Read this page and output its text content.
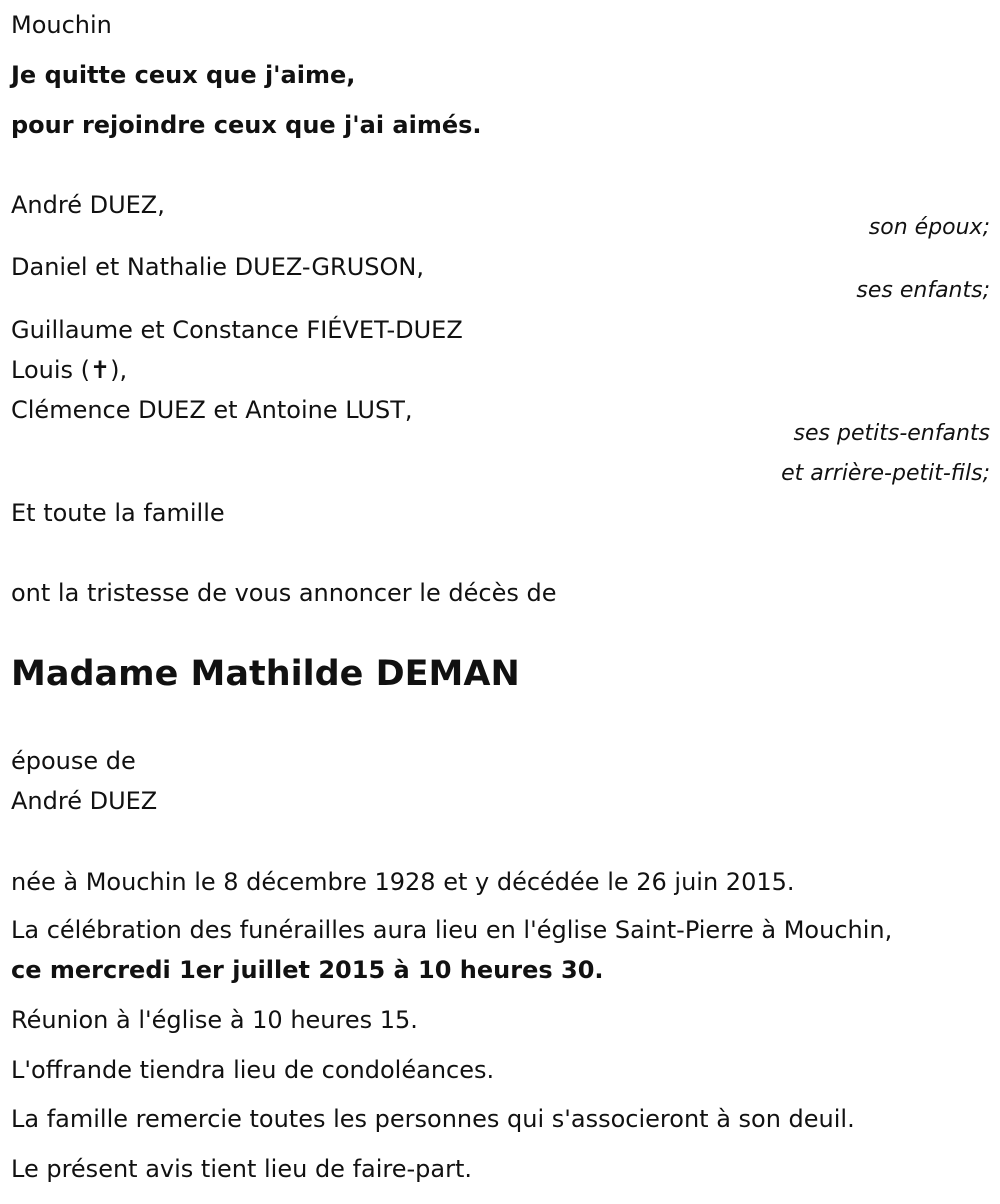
Mouchin
Je quitte ceux que j'aime,
pour rejoindre ceux que j'ai aimés.
André DUEZ,
son époux;
Daniel et Nathalie DUEZ-GRUSON,
ses enfants;
Guillaume et Constance FIÉVET-DUEZ
Louis (✝),
Clémence DUEZ et Antoine LUST,
ses petits-enfants
et arrière-petit-fils;
Et toute la famille
ont la tristesse de vous annoncer le décès de
Madame Mathilde DEMAN
épouse de
André DUEZ
née à Mouchin le 8 décembre 1928 et y décédée le 26 juin 2015.
La célébration des funérailles aura lieu en l'église Saint-Pierre à Mouchin,
ce mercredi 1er juillet 2015 à 10 heures 30.
Réunion à l'église à 10 heures 15.
L'offrande tiendra lieu de condoléances.
La famille remercie toutes les personnes qui s'associeront à son deuil.
Le présent avis tient lieu de faire-part.
